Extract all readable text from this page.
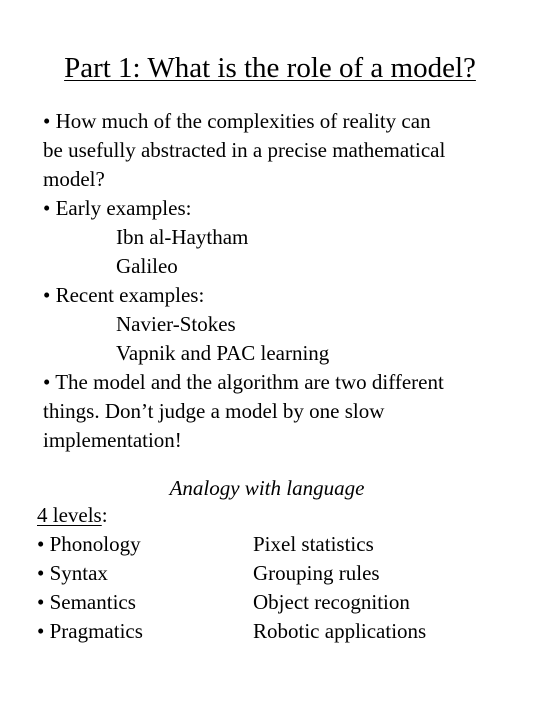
Part 1: What is the role of a model?
• How much of the complexities of reality can
be usefully abstracted in a precise mathematical
model?
• Early examples:
Ibn al-Haytham
Galileo
• Recent examples:
Navier-Stokes
Vapnik and PAC learning
• The model and the algorithm are two different
things. Don’t judge a model by one slow
implementation!
Analogy with language
4 levels:
• Phonology	Pixel statistics
• Syntax	Grouping rules
• Semantics	Object recognition
• Pragmatics	Robotic applications
